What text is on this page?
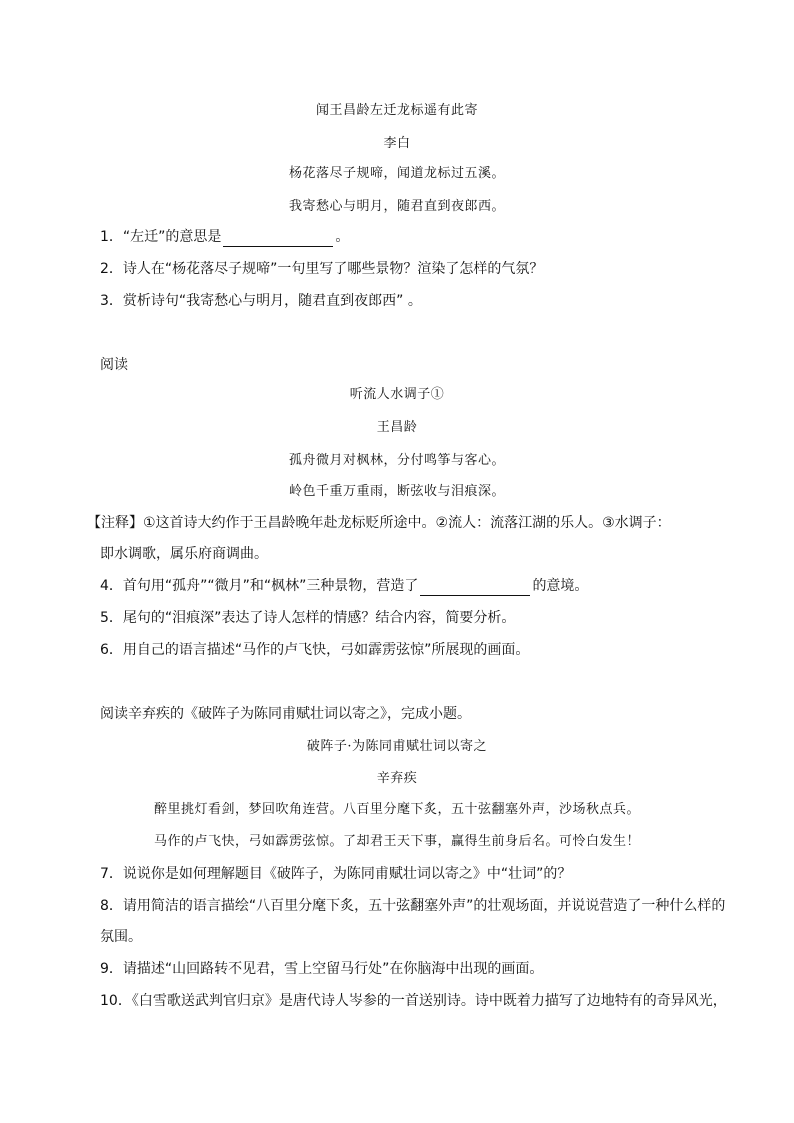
闻王昌龄左迁龙标遥有此寄
李白
杨花落尽子规啼，闻道龙标过五溪。
我寄愁心与明月，随君直到夜郎西。
1．“左迁”的意思是	。
2．诗人在“杨花落尽子规啼”一句里写了哪些景物？渲染了怎样的气氛？
3．赏析诗句“我寄愁心与明月，随君直到夜郎西” 。
阅读
听流人水调子①
王昌龄
孤舟微月对枫林，分付鸣筝与客心。
岭色千重万重雨，断弦收与泪痕深。
【注释】①这首诗大约作于王昌龄晚年赴龙标贬所途中。②流人：流落江湖的乐人。③水调子：
即水调歌，属乐府商调曲。
4．首句用“孤舟”“微月”和“枫林”三种景物，营造了	的意境。
5．尾句的“泪痕深”表达了诗人怎样的情感？结合内容，简要分析。
6．用自己的语言描述“马作的卢飞快，弓如霹雳弦惊”所展现的画面。
阅读辛弃疾的《破阵子为陈同甫赋壮词以寄之》，完成小题。
破阵子·为陈同甫赋壮词以寄之
辛弃疾
醉里挑灯看剑，梦回吹角连营。八百里分麾下炙，五十弦翻塞外声，沙场秋点兵。
马作的卢飞快，弓如霹雳弦惊。了却君王天下事，赢得生前身后名。可怜白发生！
7．说说你是如何理解题目《破阵子，为陈同甫赋壮词以寄之》中“壮词”的？
8．请用简洁的语言描绘“八百里分麾下炙，五十弦翻塞外声”的壮观场面，并说说营造了一种什么样的
氛围。
9．请描述“山回路转不见君，雪上空留马行处”在你脑海中出现的画面。
10．《白雪歌送武判官归京》是唐代诗人岑参的一首送别诗。诗中既着力描写了边地特有的奇异风光，
